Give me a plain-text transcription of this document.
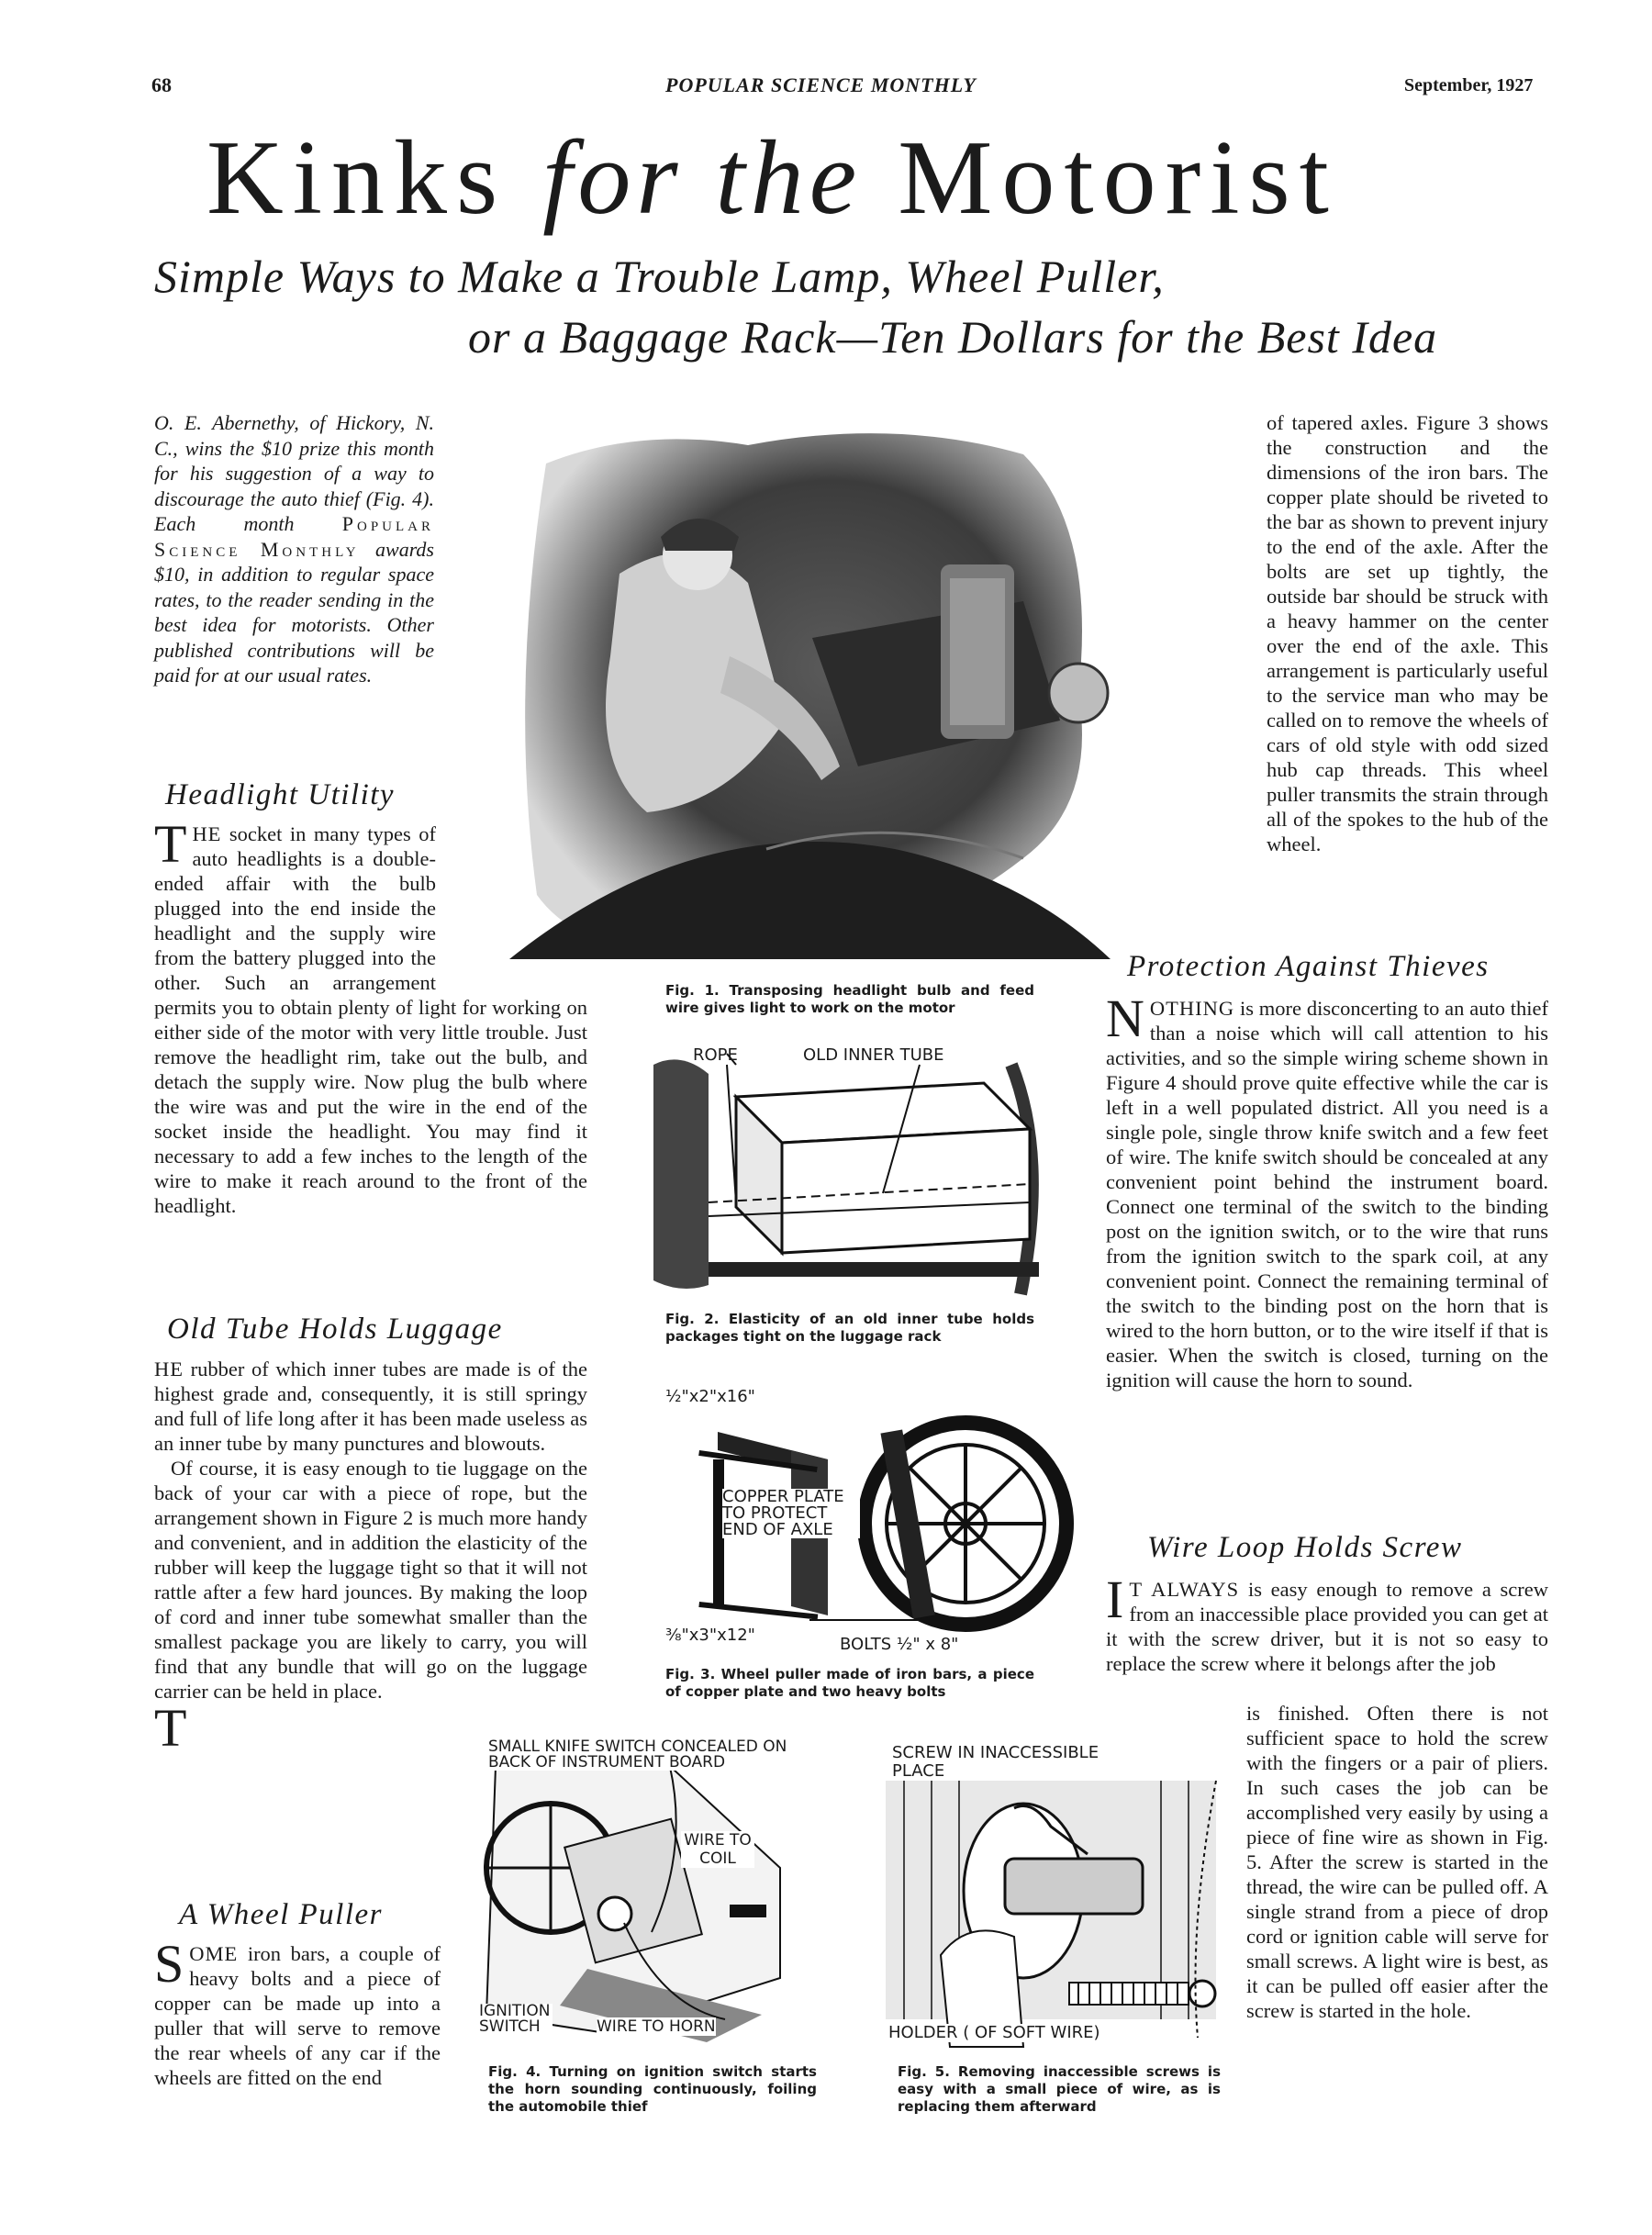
68	POPULAR SCIENCE MONTHLY	September, 1927
Kinks for the Motorist
Simple Ways to Make a Trouble Lamp, Wheel Puller,
or a Baggage Rack—Ten Dollars for the Best Idea
O. E. Abernethy, of Hickory, N. C., wins the $10 prize this month for his suggestion of a way to discourage the auto thief (Fig. 4). Each month Popular Science Monthly awards $10, in addition to regular space rates, to the reader sending in the best idea for motorists. Other published contributions will be paid for at our usual rates.
Headlight Utility
T HE socket in many types of auto headlights is a double-ended affair with the bulb plugged into the end inside the headlight and the supply wire from the battery plugged into the other. Such an arrangement permits you to obtain plenty of light for working on either side of the motor with very little trouble. Just remove the headlight rim, take out the bulb, and detach the supply wire. Now plug the bulb where the wire was and put the wire in the end of the socket inside the headlight. You may find it necessary to add a few inches to the length of the wire to make it reach around to the front of the headlight.
Old Tube Holds Luggage

T
HE rubber of which inner tubes are made is of the highest grade and, consequently, it is still springy and full of life long after it has been made useless as an inner tube by many punctures and blowouts.

Of course, it is easy enough to tie luggage on the back of your car with a piece of rope, but the arrangement shown in Figure 2 is much more handy and convenient, and in addition the elasticity of the rubber will keep the luggage tight so that it will not rattle after a few hard jounces. By making the loop of cord and inner tube somewhat smaller than the smallest package you are likely to carry, you will find that any bundle that will go on the luggage carrier can be held in place.

A Wheel Puller
S OME iron bars, a couple of heavy bolts and a piece of copper can be made up into a puller that will serve to remove the rear wheels of any car if the wheels are fitted on the end
of tapered axles. Figure 3 shows the construction and the dimensions of the iron bars. The copper plate should be riveted to the bar as shown to prevent injury to the end of the axle. After the bolts are set up tightly, the outside bar should be struck with a heavy hammer on the center over the end of the axle. This arrangement is particularly useful to the service man who may be called on to remove the wheels of cars of old style with odd sized hub cap threads. This wheel puller transmits the strain through all of the spokes to the hub of the wheel.
Protection Against Thieves
N OTHING is more disconcerting to an auto thief than a noise which will call attention to his activities, and so the simple wiring scheme shown in Figure 4 should prove quite effective while the car is left in a well populated district. All you need is a single pole, single throw knife switch and a few feet of wire. The knife switch should be concealed at any convenient point behind the instrument board. Connect one terminal of the switch to the binding post on the ignition switch, or to the wire that runs from the ignition switch to the spark coil, at any convenient point. Connect the remaining terminal of the switch to the binding post on the horn that is wired to the horn button, or to the wire itself if that is easier. When the switch is closed, turning on the ignition will cause the horn to sound.
Wire Loop Holds Screw
I T ALWAYS is easy enough to remove a screw from an inaccessible place provided you can get at it with the screw driver, but it is not so easy to replace the screw where it belongs after the job
is finished. Often there is not sufficient space to hold the screw with the fingers or a pair of pliers. In such cases the job can be accomplished very easily by using a piece of fine wire as shown in Fig. 5. After the screw is started in the thread, the wire can be pulled off. A single strand from a piece of drop cord or ignition cable will serve for small screws. A light wire is best, as it can be pulled off easier after the screw is started in the hole.
Fig. 1. Transposing headlight bulb and feed wire gives light to work on the motor
ROPE	OLD INNER TUBE
Fig. 2. Elasticity of an old inner tube holds packages tight on the luggage rack
½"x2"x16"
COPPER PLATE TO PROTECT END OF AXLE
⅜"x3"x12"	BOLTS ½" x 8"
Fig. 3. Wheel puller made of iron bars, a piece of copper plate and two heavy bolts
SMALL KNIFE SWITCH CONCEALED ON BACK OF INSTRUMENT BOARD
WIRE TO COIL
IGNITION SWITCH	WIRE TO HORN
Fig. 4. Turning on ignition switch starts the horn sounding continuously, foiling the automobile thief
SCREW IN INACCESSIBLE PLACE
HOLDER ( OF SOFT WIRE)
Fig. 5. Removing inaccessible screws is easy with a small piece of wire, as is replacing them afterward
